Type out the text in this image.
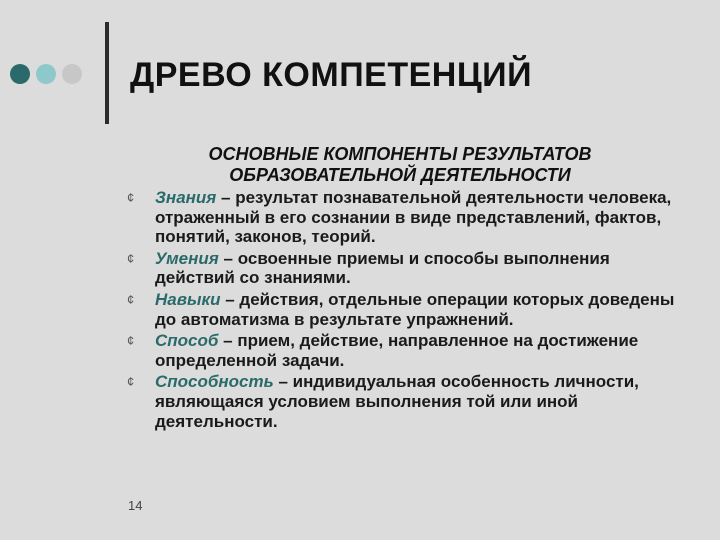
ДРЕВО КОМПЕТЕНЦИЙ
ОСНОВНЫЕ КОМПОНЕНТЫ РЕЗУЛЬТАТОВ
ОБРАЗОВАТЕЛЬНОЙ ДЕЯТЕЛЬНОСТИ
¢ Знания – результат познавательной деятельности человека, отраженный в его сознании в виде представлений, фактов, понятий, законов, теорий.
¢ Умения – освоенные приемы и способы выполнения действий со знаниями.
¢ Навыки – действия, отдельные операции которых доведены до автоматизма в результате упражнений.
¢ Способ – прием, действие, направленное на достижение определенной задачи.
¢ Способность – индивидуальная особенность личности, являющаяся условием выполнения той или иной деятельности.
14
